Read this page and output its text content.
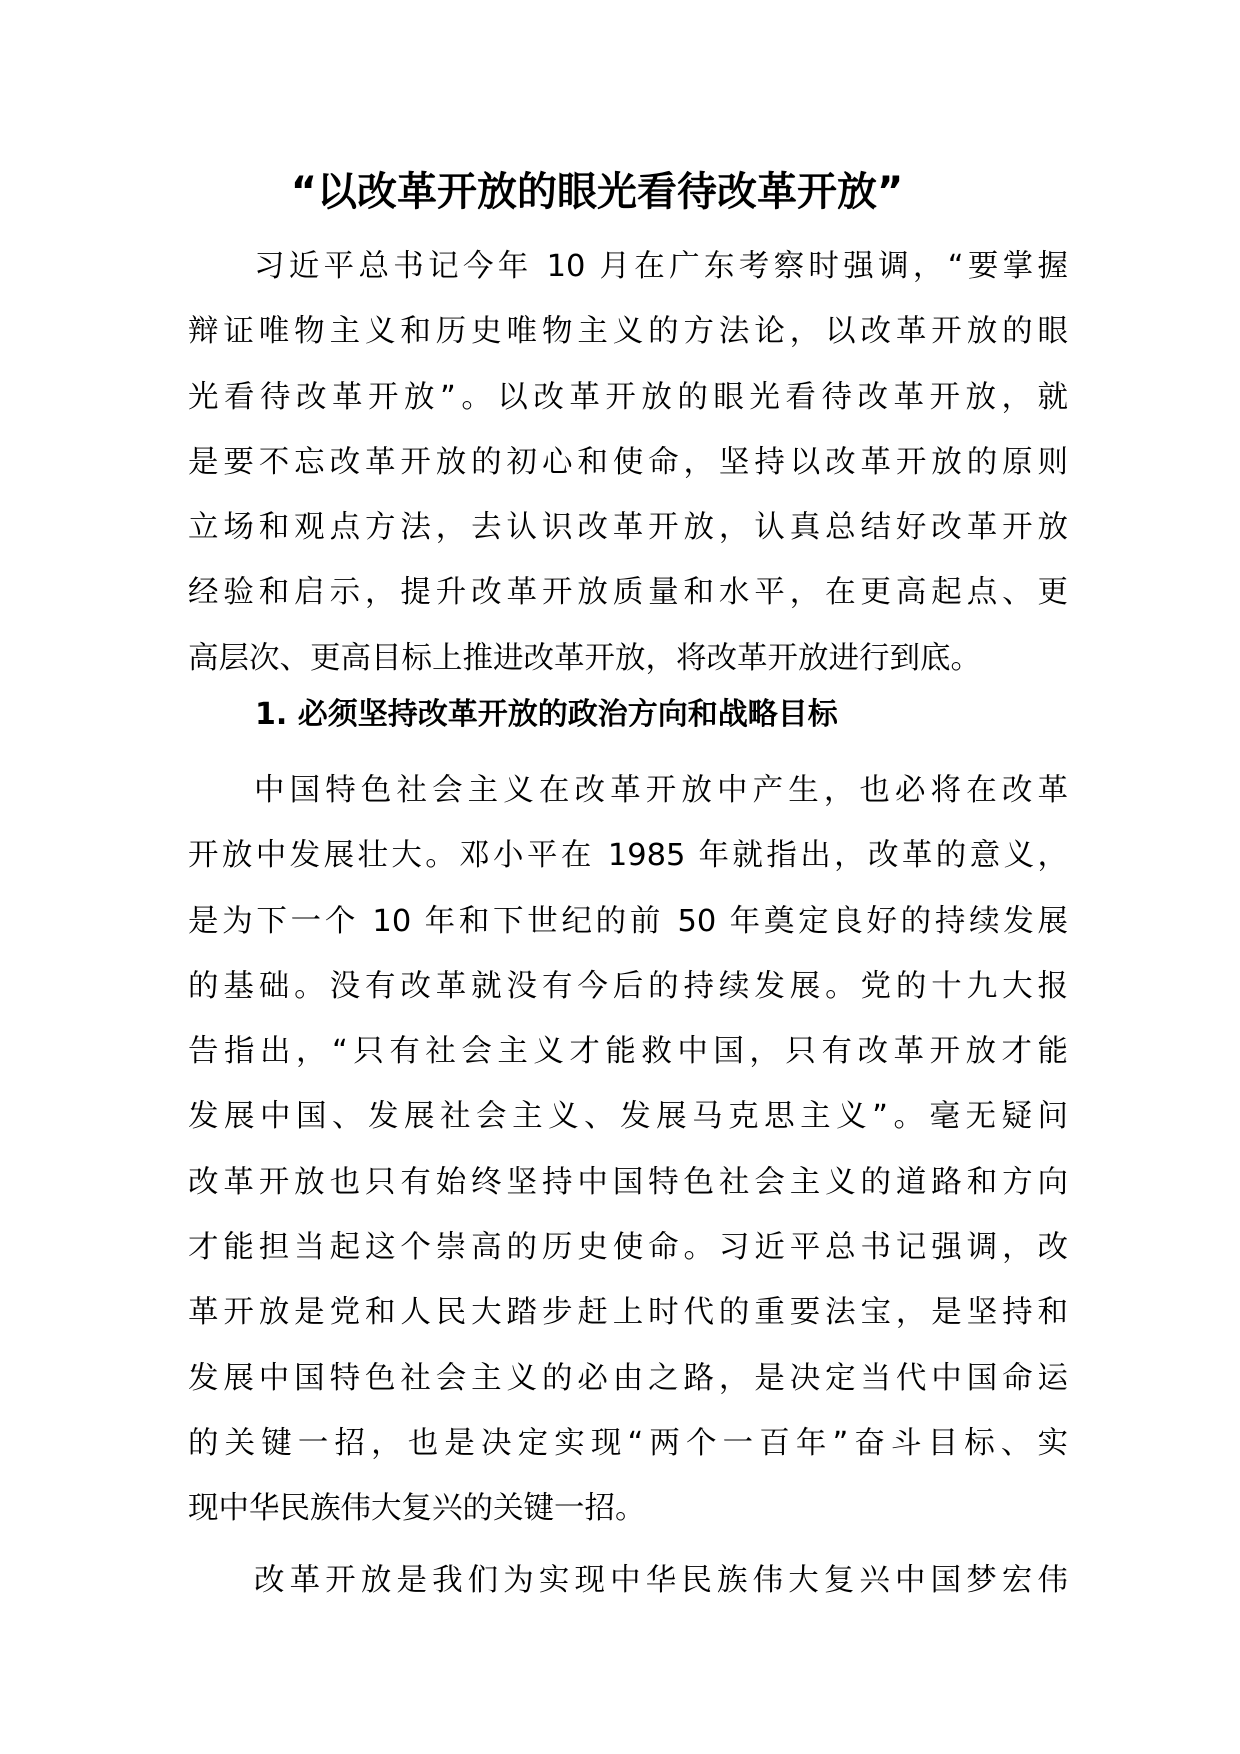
“以改革开放的眼光看待改革开放”
习近平总书记今年 10 月在广东考察时强调，“要掌握
辩证唯物主义和历史唯物主义的方法论，以改革开放的眼
光看待改革开放”。以改革开放的眼光看待改革开放，就
是要不忘改革开放的初心和使命，坚持以改革开放的原则
立场和观点方法，去认识改革开放，认真总结好改革开放
经验和启示，提升改革开放质量和水平，在更高起点、更
高层次、更高目标上推进改革开放，将改革开放进行到底。
1. 必须坚持改革开放的政治方向和战略目标
中国特色社会主义在改革开放中产生，也必将在改革
开放中发展壮大。邓小平在 1985 年就指出，改革的意义，
是为下一个 10 年和下世纪的前 50 年奠定良好的持续发展
的基础。没有改革就没有今后的持续发展。党的十九大报
告指出，“只有社会主义才能救中国，只有改革开放才能
发展中国、发展社会主义、发展马克思主义”。毫无疑问
改革开放也只有始终坚持中国特色社会主义的道路和方向
才能担当起这个崇高的历史使命。习近平总书记强调，改
革开放是党和人民大踏步赶上时代的重要法宝，是坚持和
发展中国特色社会主义的必由之路，是决定当代中国命运
的关键一招，也是决定实现“两个一百年”奋斗目标、实
现中华民族伟大复兴的关键一招。
改革开放是我们为实现中华民族伟大复兴中国梦宏伟
